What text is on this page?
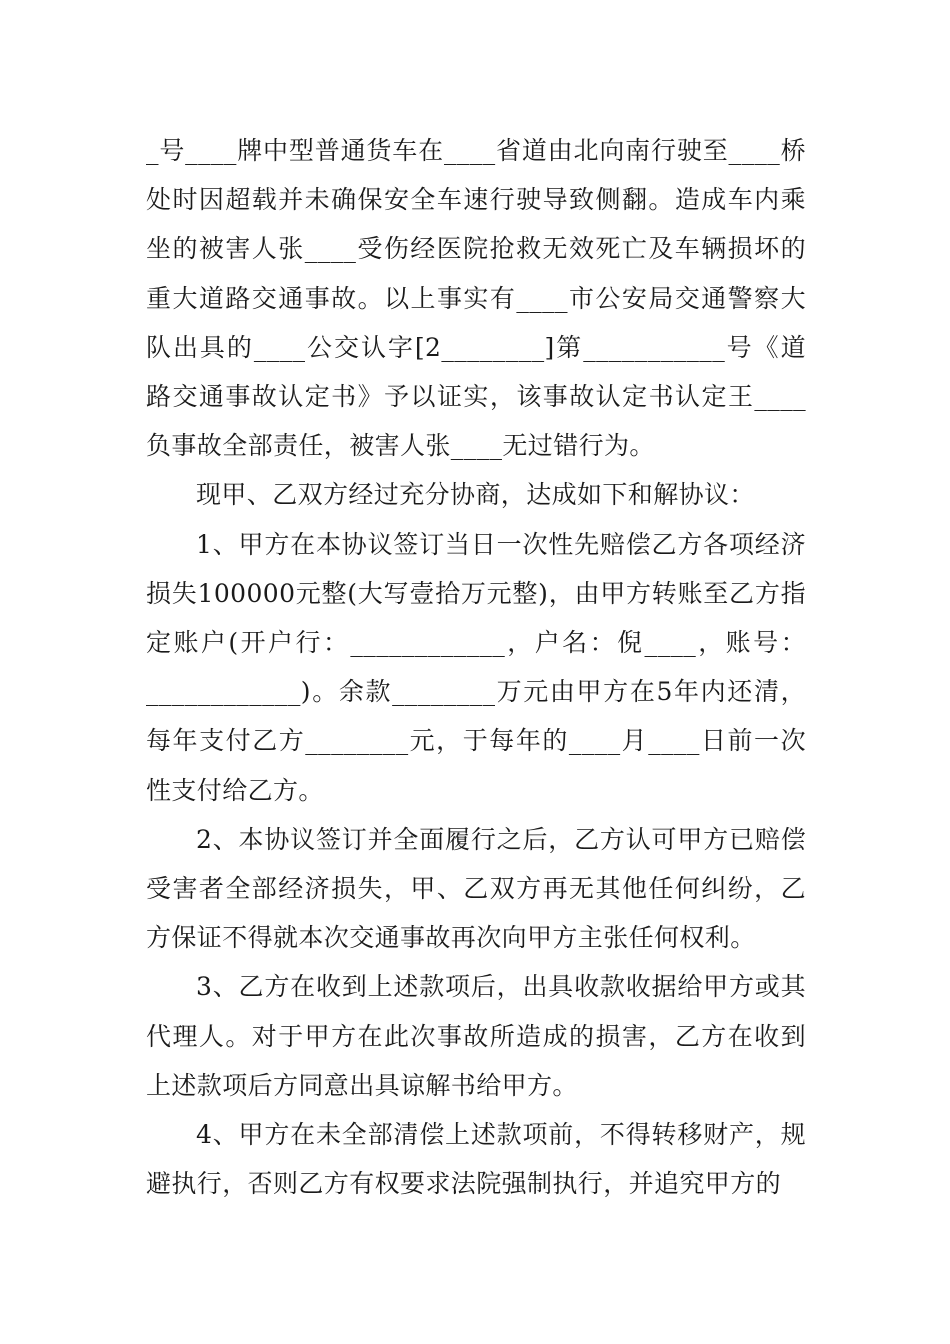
_号____牌中型普通货车在____省道由北向南行驶至____桥处时因超载并未确保安全车速行驶导致侧翻。造成车内乘坐的被害人张____受伤经医院抢救无效死亡及车辆损坏的重大道路交通事故。以上事实有____市公安局交通警察大队出具的____公交认字[2________]第___________号《道路交通事故认定书》予以证实，该事故认定书认定王____负事故全部责任，被害人张____无过错行为。

现甲、乙双方经过充分协商，达成如下和解协议：

1、甲方在本协议签订当日一次性先赔偿乙方各项经济损失100000元整(大写壹拾万元整)，由甲方转账至乙方指定账户(开户行：____________，户名：倪____，账号：____________)。余款________万元由甲方在5年内还清，每年支付乙方________元，于每年的____月____日前一次性支付给乙方。

2、本协议签订并全面履行之后，乙方认可甲方已赔偿受害者全部经济损失，甲、乙双方再无其他任何纠纷，乙方保证不得就本次交通事故再次向甲方主张任何权利。

3、乙方在收到上述款项后，出具收款收据给甲方或其代理人。对于甲方在此次事故所造成的损害，乙方在收到上述款项后方同意出具谅解书给甲方。

4、甲方在未全部清偿上述款项前，不得转移财产，规避执行，否则乙方有权要求法院强制执行，并追究甲方的
